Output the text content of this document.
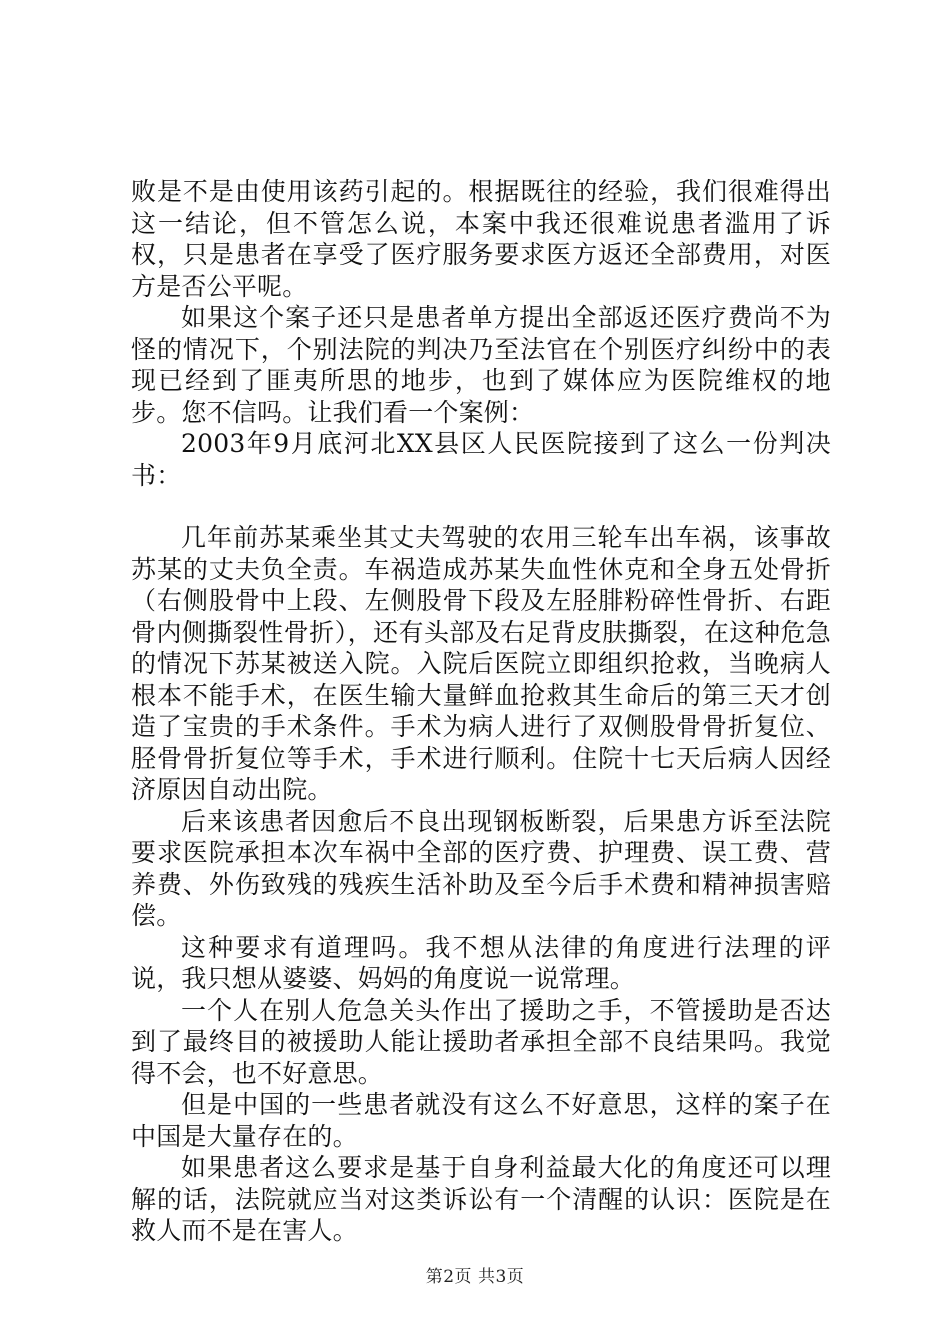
败是不是由使用该药引起的。根据既往的经验，我们很难得出这一结论，但不管怎么说，本案中我还很难说患者滥用了诉权，只是患者在享受了医疗服务要求医方返还全部费用，对医方是否公平呢。

如果这个案子还只是患者单方提出全部返还医疗费尚不为怪的情况下，个别法院的判决乃至法官在个别医疗纠纷中的表现已经到了匪夷所思的地步，也到了媒体应为医院维权的地步。您不信吗。让我们看一个案例：

2003年9月底河北XX县区人民医院接到了这么一份判决书：

几年前苏某乘坐其丈夫驾驶的农用三轮车出车祸，该事故苏某的丈夫负全责。车祸造成苏某失血性休克和全身五处骨折（右侧股骨中上段、左侧股骨下段及左胫腓粉碎性骨折、右距骨内侧撕裂性骨折），还有头部及右足背皮肤撕裂，在这种危急的情况下苏某被送入院。入院后医院立即组织抢救，当晚病人根本不能手术，在医生输大量鲜血抢救其生命后的第三天才创造了宝贵的手术条件。手术为病人进行了双侧股骨骨折复位、胫骨骨折复位等手术，手术进行顺利。住院十七天后病人因经济原因自动出院。

后来该患者因愈后不良出现钢板断裂，后果患方诉至法院要求医院承担本次车祸中全部的医疗费、护理费、误工费、营养费、外伤致残的残疾生活补助及至今后手术费和精神损害赔偿。

这种要求有道理吗。我不想从法律的角度进行法理的评说，我只想从婆婆、妈妈的角度说一说常理。

一个人在别人危急关头作出了援助之手，不管援助是否达到了最终目的被援助人能让援助者承担全部不良结果吗。我觉得不会，也不好意思。

但是中国的一些患者就没有这么不好意思，这样的案子在中国是大量存在的。

如果患者这么要求是基于自身利益最大化的角度还可以理解的话，法院就应当对这类诉讼有一个清醒的认识：医院是在救人而不是在害人。

第2页 共3页
